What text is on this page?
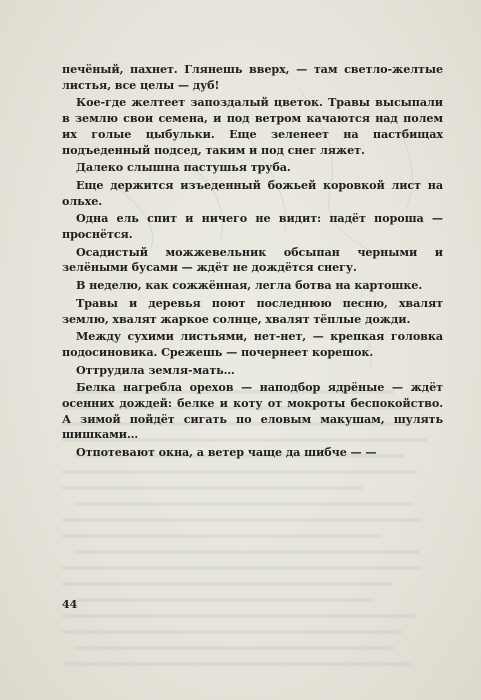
печёный, пахнет. Глянешь вверх, — там светло-желтые листья, все целы — дуб!

Кое-где желтеет запоздалый цветок. Травы высыпали в землю свои семена, и под ветром качаются над полем их голые цыбульки. Еще зеленеет на пастбищах подъеденный подсед, таким и под снег ляжет.

Далеко слышна пастушья труба.

Еще держится изъеденный божьей коровкой лист на ольхе.

Одна ель спит и ничего не видит: падёт пороша — проснётся.

Осадистый можжевельник обсыпан черными и зелёными бусами — ждёт не дождётся снегу.

В неделю, как сожжённая, легла ботва на картошке.

Травы и деревья поют последнюю песню, хвалят землю, хвалят жаркое солнце, хвалят тёплые дожди.

Между сухими листьями, нет-нет, — крепкая головка подосиновика. Срежешь — почернеет корешок.

Оттрудила земля-мать…

Белка нагребла орехов — наподбор ядрёные — ждёт осенних дождей: белке и коту от мокроты беспокойство. А зимой пойдёт сигать по еловым макушам, шулять шишками…

Отпотевают окна, а ветер чаще да шибче — —

44
